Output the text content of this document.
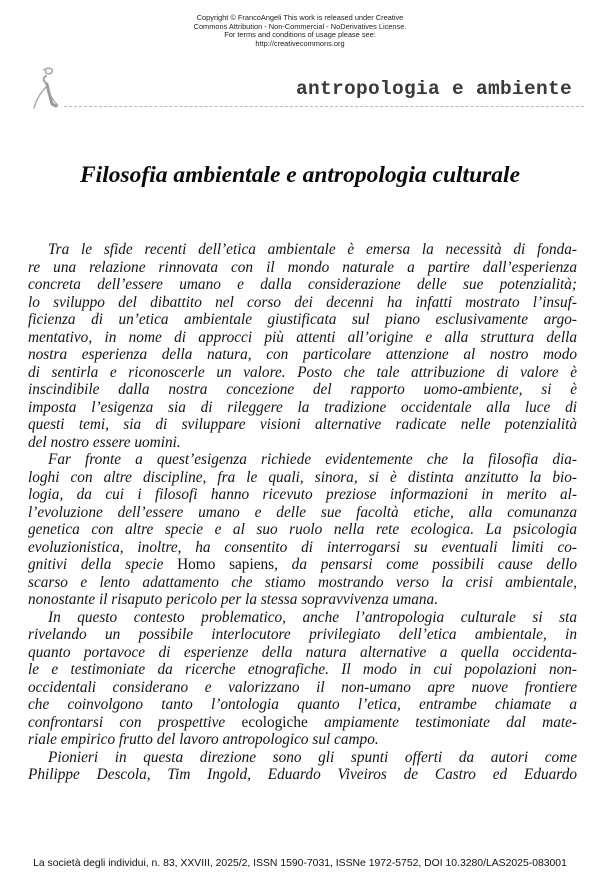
Copyright © FrancoAngeli This work is released under Creative
Commons Attribution - Non-Commercial - NoDerivatives License.
For terms and conditions of usage please see:
http://creativecommons.org
antropologia e ambiente
Filosofia ambientale e antropologia culturale
Tra le sfide recenti dell’etica ambientale è emersa la necessità di fonda-
re una relazione rinnovata con il mondo naturale a partire dall’esperienza
concreta dell’essere umano e dalla considerazione delle sue potenzialità;
lo sviluppo del dibattito nel corso dei decenni ha infatti mostrato l’insuf-
ficienza di un’etica ambientale giustificata sul piano esclusivamente argo-
mentativo, in nome di approcci più attenti all’origine e alla struttura della
nostra esperienza della natura, con particolare attenzione al nostro modo
di sentirla e riconoscerle un valore. Posto che tale attribuzione di valore è
inscindibile dalla nostra concezione del rapporto uomo-ambiente, si è
imposta l’esigenza sia di rileggere la tradizione occidentale alla luce di
questi temi, sia di sviluppare visioni alternative radicate nelle potenzialità
del nostro essere uomini.
Far fronte a quest’esigenza richiede evidentemente che la filosofia dia-
loghi con altre discipline, fra le quali, sinora, si è distinta anzitutto la bio-
logia, da cui i filosofi hanno ricevuto preziose informazioni in merito al-
l’evoluzione dell’essere umano e delle sue facoltà etiche, alla comunanza
genetica con altre specie e al suo ruolo nella rete ecologica. La psicologia
evoluzionistica, inoltre, ha consentito di interrogarsi su eventuali limiti co-
gnitivi della specie Homo sapiens, da pensarsi come possibili cause dello
scarso e lento adattamento che stiamo mostrando verso la crisi ambientale,
nonostante il risaputo pericolo per la stessa sopravvivenza umana.
In questo contesto problematico, anche l’antropologia culturale si sta
rivelando un possibile interlocutore privilegiato dell’etica ambientale, in
quanto portavoce di esperienze della natura alternative a quella occidenta-
le e testimoniate da ricerche etnografiche. Il modo in cui popolazioni non-
occidentali considerano e valorizzano il non-umano apre nuove frontiere
che coinvolgono tanto l’ontologia quanto l’etica, entrambe chiamate a
confrontarsi con prospettive ecologiche ampiamente testimoniate dal mate-
riale empirico frutto del lavoro antropologico sul campo.
Pionieri in questa direzione sono gli spunti offerti da autori come
Philippe Descola, Tim Ingold, Eduardo Viveiros de Castro ed Eduardo
La società degli individui, n. 83, XXVIII, 2025/2, ISSN 1590-7031, ISSNe 1972-5752, DOI 10.3280/LAS2025-083001
